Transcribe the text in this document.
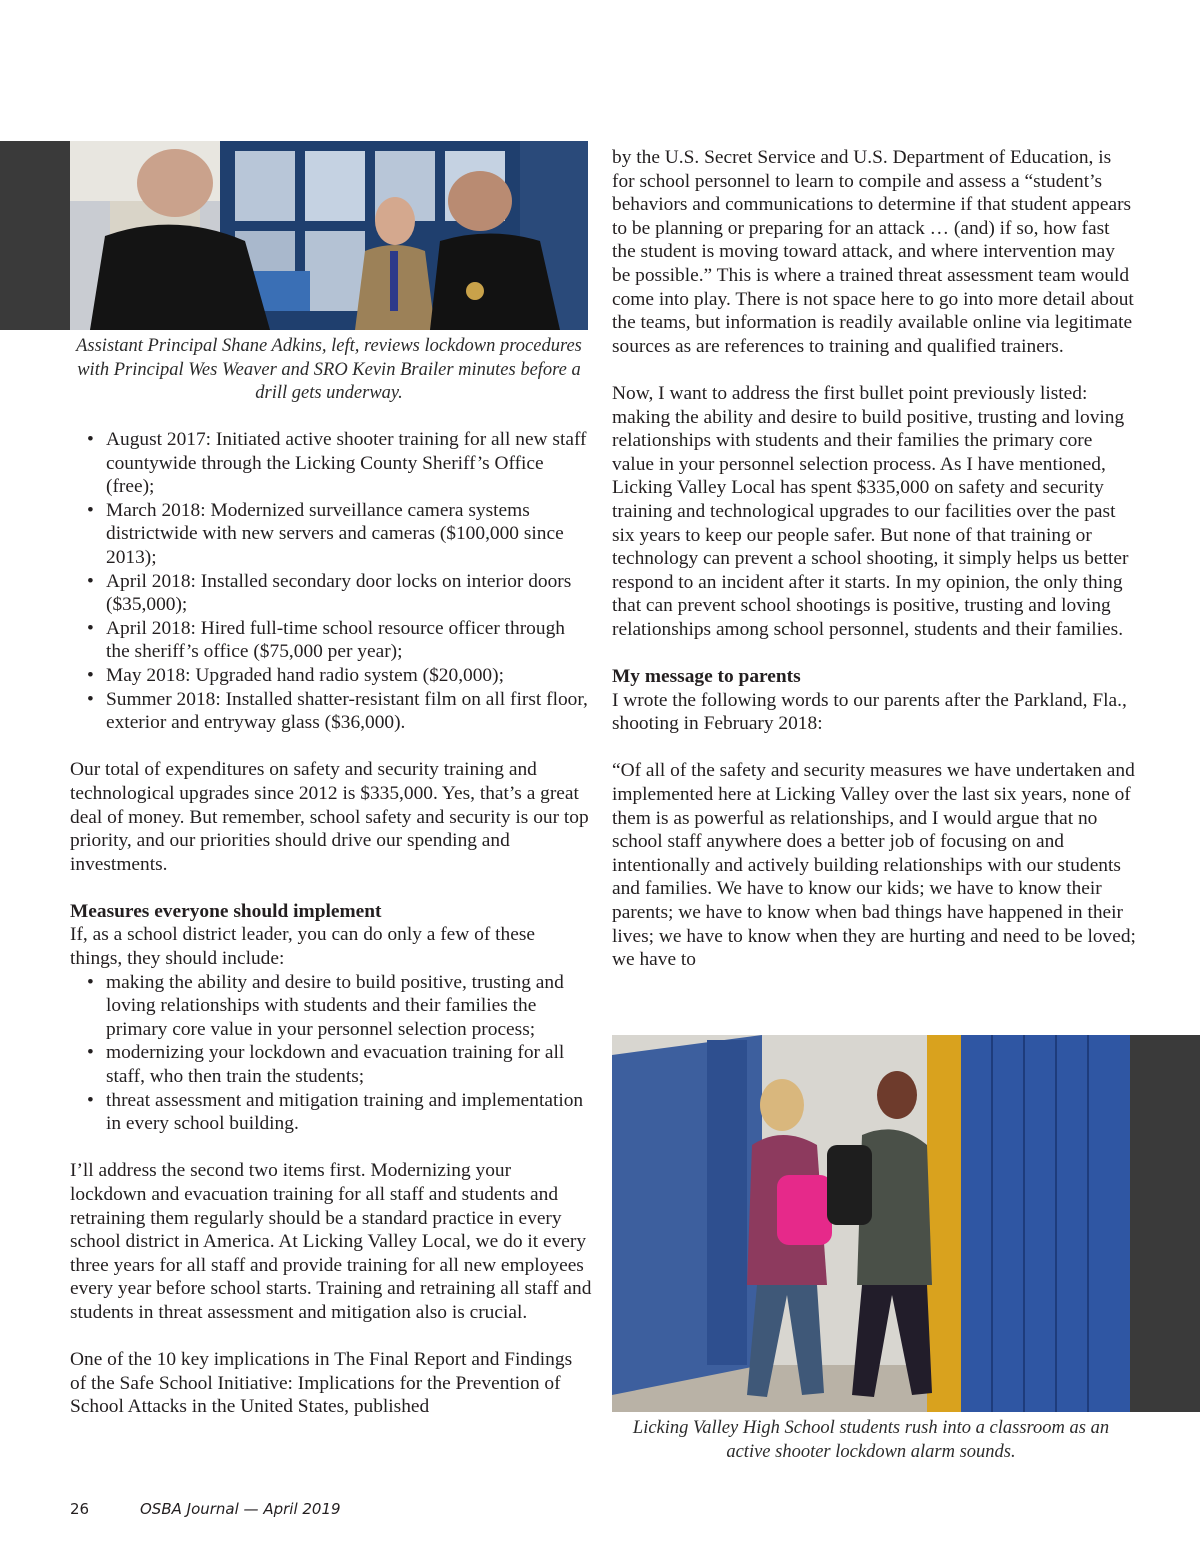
Assistant Principal Shane Adkins, left, reviews lockdown procedures with Principal Wes Weaver and SRO Kevin Brailer minutes before a drill gets underway.
Licking Valley High School students rush into a classroom as an active shooter lockdown alarm sounds.
• August 2017: Initiated active shooter training for all new staff countywide through the Licking County Sheriff’s Office (free);
• March 2018: Modernized surveillance camera systems districtwide with new servers and cameras ($100,000 since 2013);
• April 2018: Installed secondary door locks on interior doors ($35,000);
• April 2018: Hired full-time school resource officer through the sheriff’s office ($75,000 per year);
• May 2018: Upgraded hand radio system ($20,000);
• Summer 2018: Installed shatter-resistant film on all first floor, exterior and entryway glass ($36,000).

Our total of expenditures on safety and security training and technological upgrades since 2012 is $335,000. Yes, that’s a great deal of money. But remember, school safety and security is our top priority, and our priorities should drive our spending and investments.

Measures everyone should implement

If, as a school district leader, you can do only a few of these things, they should include:

• making the ability and desire to build positive, trusting and loving relationships with students and their families the primary core value in your personnel selection process;
• modernizing your lockdown and evacuation training for all staff, who then train the students;
• threat assessment and mitigation training and implementation in every school building.

I’ll address the second two items first. Modernizing your lockdown and evacuation training for all staff and students and retraining them regularly should be a standard practice in every school district in America. At Licking Valley Local, we do it every three years for all staff and provide training for all new employees every year before school starts. Training and retraining all staff and students in threat assessment and mitigation also is crucial.

One of the 10 key implications in The Final Report and Findings of the Safe School Initiative: Implications for the Prevention of School Attacks in the United States, published

by the U.S. Secret Service and U.S. Department of Education, is for school personnel to learn to compile and assess a “student’s behaviors and communications to determine if that student appears to be planning or preparing for an attack … (and) if so, how fast the student is moving toward attack, and where intervention may be possible.” This is where a trained threat assessment team would come into play. There is not space here to go into more detail about the teams, but information is readily available online via legitimate sources as are references to training and qualified trainers.

Now, I want to address the first bullet point previously listed: making the ability and desire to build positive, trusting and loving relationships with students and their families the primary core value in your personnel selection process. As I have mentioned, Licking Valley Local has spent $335,000 on safety and security training and technological upgrades to our facilities over the past six years to keep our people safer. But none of that training or technology can prevent a school shooting, it simply helps us better respond to an incident after it starts. In my opinion, the only thing that can prevent school shootings is positive, trusting and loving relationships among school personnel, students and their families.

My message to parents

I wrote the following words to our parents after the Parkland, Fla., shooting in February 2018:

“Of all of the safety and security measures we have undertaken and implemented here at Licking Valley over the last six years, none of them is as powerful as relationships, and I would argue that no school staff anywhere does a better job of focusing on and intentionally and actively building relationships with our students and families. We have to know our kids; we have to know their parents; we have to know when bad things have happened in their lives; we have to know when they are hurting and need to be loved; we have to

26	OSBA Journal — April 2019
